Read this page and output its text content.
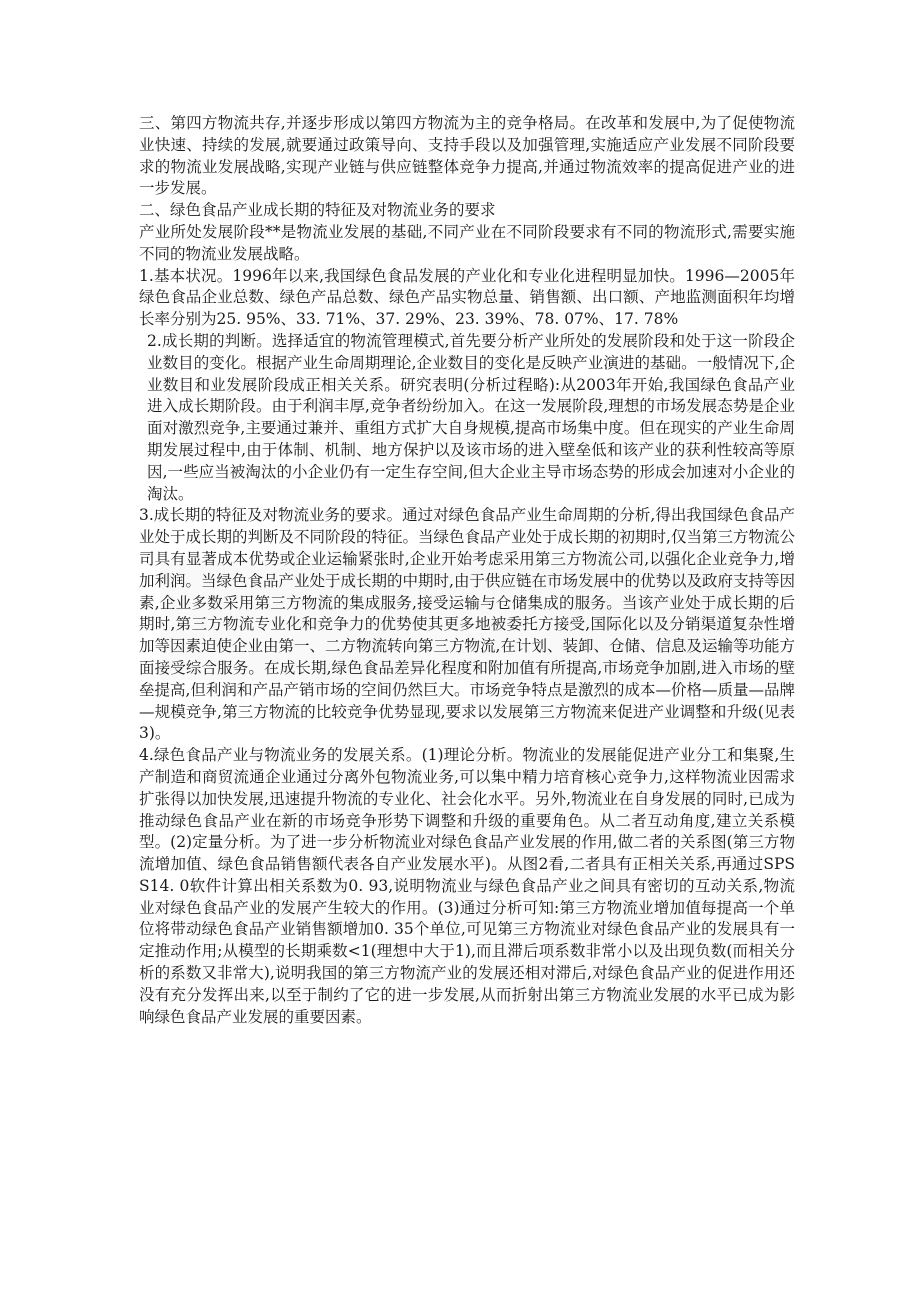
三、第四方物流共存,并逐步形成以第四方物流为主的竞争格局。在改革和发展中,为了促使物流业快速、持续的发展,就要通过政策导向、支持手段以及加强管理,实施适应产业发展不同阶段要求的物流业发展战略,实现产业链与供应链整体竞争力提高,并通过物流效率的提高促进产业的进一步发展。

二、绿色食品产业成长期的特征及对物流业务的要求

产业所处发展阶段**是物流业发展的基础,不同产业在不同阶段要求有不同的物流形式,需要实施不同的物流业发展战略。

1.基本状况。1996年以来,我国绿色食品发展的产业化和专业化进程明显加快。1996—2005年绿色食品企业总数、绿色产品总数、绿色产品实物总量、销售额、出口额、产地监测面积年均增长率分别为25. 95%、33. 71%、37. 29%、23. 39%、78. 07%、17. 78%

2.成长期的判断。选择适宜的物流管理模式,首先要分析产业所处的发展阶段和处于这一阶段企业数目的变化。根据产业生命周期理论,企业数目的变化是反映产业演进的基础。一般情况下,企业数目和业发展阶段成正相关关系。研究表明(分析过程略):从2003年开始,我国绿色食品产业进入成长期阶段。由于利润丰厚,竞争者纷纷加入。在这一发展阶段,理想的市场发展态势是企业面对激烈竞争,主要通过兼并、重组方式扩大自身规模,提高市场集中度。但在现实的产业生命周期发展过程中,由于体制、机制、地方保护以及该市场的进入壁垒低和该产业的获利性较高等原因,一些应当被淘汰的小企业仍有一定生存空间,但大企业主导市场态势的形成会加速对小企业的淘汰。

3.成长期的特征及对物流业务的要求。通过对绿色食品产业生命周期的分析,得出我国绿色食品产业处于成长期的判断及不同阶段的特征。当绿色食品产业处于成长期的初期时,仅当第三方物流公司具有显著成本优势或企业运输紧张时,企业开始考虑采用第三方物流公司,以强化企业竞争力,增加利润。当绿色食品产业处于成长期的中期时,由于供应链在市场发展中的优势以及政府支持等因素,企业多数采用第三方物流的集成服务,接受运输与仓储集成的服务。当该产业处于成长期的后期时,第三方物流专业化和竞争力的优势使其更多地被委托方接受,国际化以及分销渠道复杂性增加等因素迫使企业由第一、二方物流转向第三方物流,在计划、装卸、仓储、信息及运输等功能方面接受综合服务。在成长期,绿色食品差异化程度和附加值有所提高,市场竞争加剧,进入市场的壁垒提高,但利润和产品产销市场的空间仍然巨大。市场竞争特点是激烈的成本—价格—质量—品牌—规模竞争,第三方物流的比较竞争优势显现,要求以发展第三方物流来促进产业调整和升级(见表3)。

4.绿色食品产业与物流业务的发展关系。(1)理论分析。物流业的发展能促进产业分工和集聚,生产制造和商贸流通企业通过分离外包物流业务,可以集中精力培育核心竞争力,这样物流业因需求扩张得以加快发展,迅速提升物流的专业化、社会化水平。另外,物流业在自身发展的同时,已成为推动绿色食品产业在新的市场竞争形势下调整和升级的重要角色。从二者互动角度,建立关系模型。(2)定量分析。为了进一步分析物流业对绿色食品产业发展的作用,做二者的关系图(第三方物流增加值、绿色食品销售额代表各自产业发展水平)。从图2看,二者具有正相关关系,再通过SPSS14. 0软件计算出相关系数为0. 93,说明物流业与绿色食品产业之间具有密切的互动关系,物流业对绿色食品产业的发展产生较大的作用。(3)通过分析可知:第三方物流业增加值每提高一个单位将带动绿色食品产业销售额增加0. 35个单位,可见第三方物流业对绿色食品产业的发展具有一定推动作用;从模型的长期乘数<1(理想中大于1),而且滞后项系数非常小以及出现负数(而相关分析的系数又非常大),说明我国的第三方物流产业的发展还相对滞后,对绿色食品产业的促进作用还没有充分发挥出来,以至于制约了它的进一步发展,从而折射出第三方物流业发展的水平已成为影响绿色食品产业发展的重要因素。
